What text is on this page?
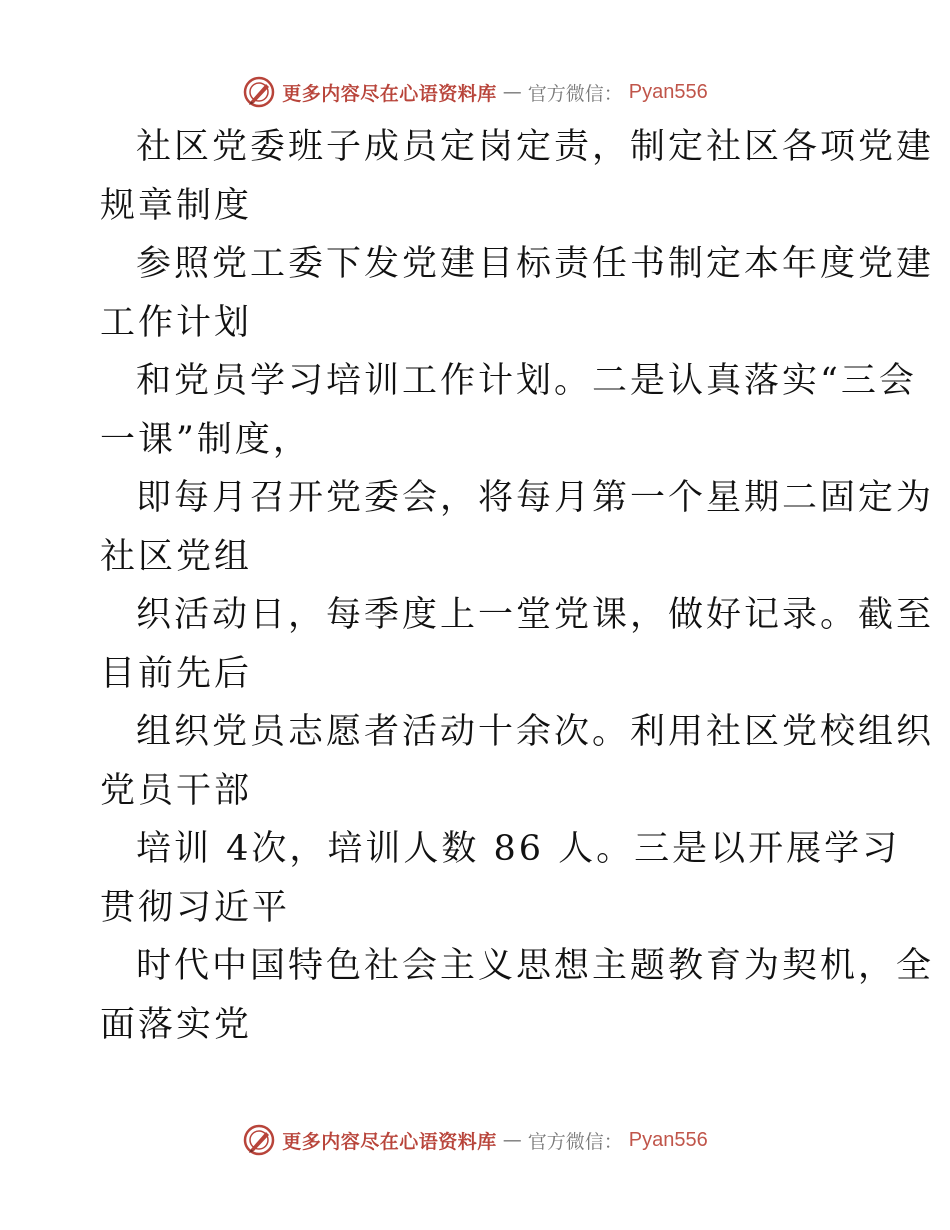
更多内容尽在心语资料库 — 官方微信： Pyan556
社区党委班子成员定岗定责，制定社区各项党建
规章制度
参照党工委下发党建目标责任书制定本年度党建
工作计划
和党员学习培训工作计划。二是认真落实“三会
一课”制度，
即每月召开党委会，将每月第一个星期二固定为
社区党组
织活动日，每季度上一堂党课，做好记录。截至
目前先后
组织党员志愿者活动十余次。利用社区党校组织
党员干部
培训 4次，培训人数 86 人。三是以开展学习
贯彻习近平
时代中国特色社会主义思想主题教育为契机，全
面落实党
更多内容尽在心语资料库 — 官方微信： Pyan556
